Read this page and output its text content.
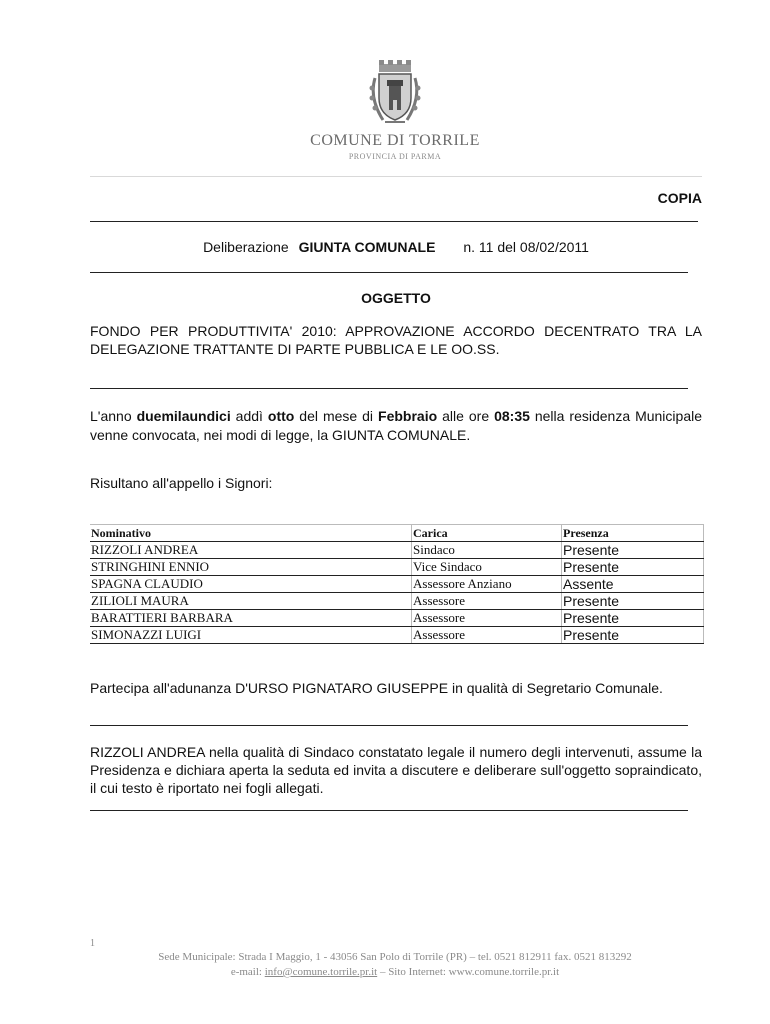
COMUNE DI TORRILE
PROVINCIA DI PARMA
COPIA
Deliberazione GIUNTA COMUNALE n. 11 del 08/02/2011
OGGETTO
FONDO PER PRODUTTIVITA' 2010: APPROVAZIONE ACCORDO DECENTRATO TRA LA DELEGAZIONE TRATTANTE DI PARTE PUBBLICA E LE OO.SS.
L'anno duemilaundici addì otto del mese di Febbraio alle ore 08:35 nella residenza Municipale venne convocata, nei modi di legge, la GIUNTA COMUNALE.
Risultano all'appello i Signori:
Nominativo	Carica	Presenza
RIZZOLI ANDREA	Sindaco	Presente
STRINGHINI ENNIO	Vice Sindaco	Presente
SPAGNA CLAUDIO	Assessore Anziano	Assente
ZILIOLI MAURA	Assessore	Presente
BARATTIERI BARBARA	Assessore	Presente
SIMONAZZI LUIGI	Assessore	Presente
Partecipa all'adunanza D'URSO PIGNATARO GIUSEPPE in qualità di Segretario Comunale.
RIZZOLI ANDREA nella qualità di Sindaco constatato legale il numero degli intervenuti, assume la Presidenza e dichiara aperta la seduta ed invita a discutere e deliberare sull'oggetto sopraindicato, il cui testo è riportato nei fogli allegati.
1
Sede Municipale: Strada I Maggio, 1 - 43056 San Polo di Torrile (PR) – tel. 0521 812911 fax. 0521 813292
e-mail: info@comune.torrile.pr.it – Sito Internet: www.comune.torrile.pr.it
